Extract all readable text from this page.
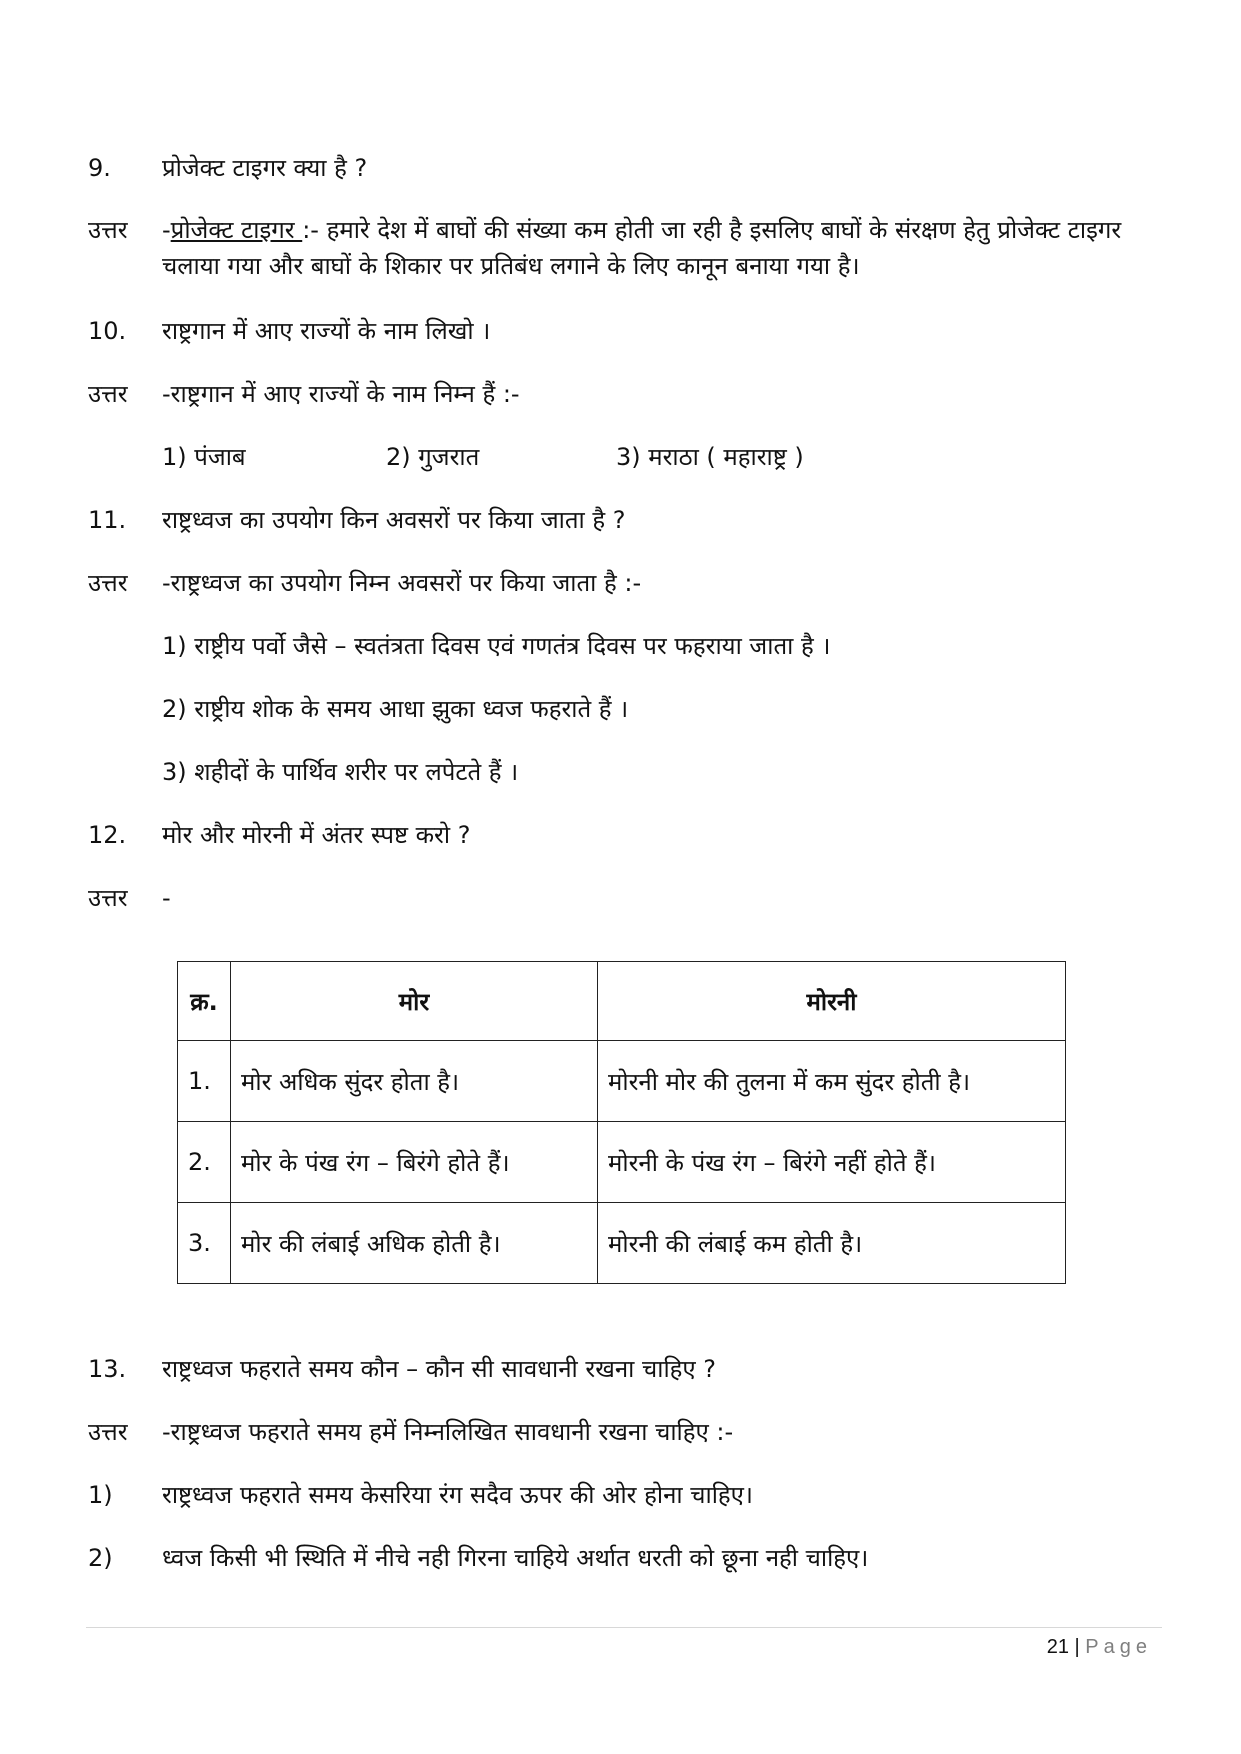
9.	प्रोजेक्ट टाइगर क्या है ?
उत्तर	-प्रोजेक्ट टाइगर :- हमारे देश में बाघों की संख्या कम होती जा रही है इसलिए बाघों के संरक्षण हेतु प्रोजेक्ट टाइगर चलाया गया और बाघों के शिकार पर प्रतिबंध लगाने के लिए कानून बनाया गया है।
10.	राष्ट्रगान में आए राज्यों के नाम लिखो ।
उत्तर	-राष्ट्रगान में आए राज्यों के नाम निम्न हैं :-
1) पंजाब	2) गुजरात	3) मराठा ( महाराष्ट्र )
11.	राष्ट्रध्वज का उपयोग किन अवसरों पर किया जाता है ?
उत्तर	-राष्ट्रध्वज का उपयोग निम्न अवसरों पर किया जाता है :-
1) राष्ट्रीय पर्वो जैसे – स्वतंत्रता दिवस एवं गणतंत्र दिवस पर फहराया जाता है ।
2) राष्ट्रीय शोक के समय आधा झुका ध्वज फहराते हैं ।
3) शहीदों के पार्थिव शरीर पर लपेटते हैं ।
12.	मोर और मोरनी में अंतर स्पष्ट करो ?
उत्तर	-
क्र.	मोर	मोरनी
1.	मोर अधिक सुंदर होता है।	मोरनी मोर की तुलना में कम सुंदर होती है।
2.	मोर के पंख रंग – बिरंगे होते हैं।	मोरनी के पंख रंग – बिरंगे नहीं होते हैं।
3.	मोर की लंबाई अधिक होती है।	मोरनी की लंबाई कम होती है।
13.	राष्ट्रध्वज फहराते समय कौन – कौन सी सावधानी रखना चाहिए ?
उत्तर	-राष्ट्रध्वज फहराते समय हमें निम्नलिखित सावधानी रखना चाहिए :-
1)	राष्ट्रध्वज फहराते समय केसरिया रंग सदैव ऊपर की ओर होना चाहिए।
2)	ध्वज किसी भी स्थिति में नीचे नही गिरना चाहिये अर्थात धरती को छूना नही चाहिए।
21 | Page
